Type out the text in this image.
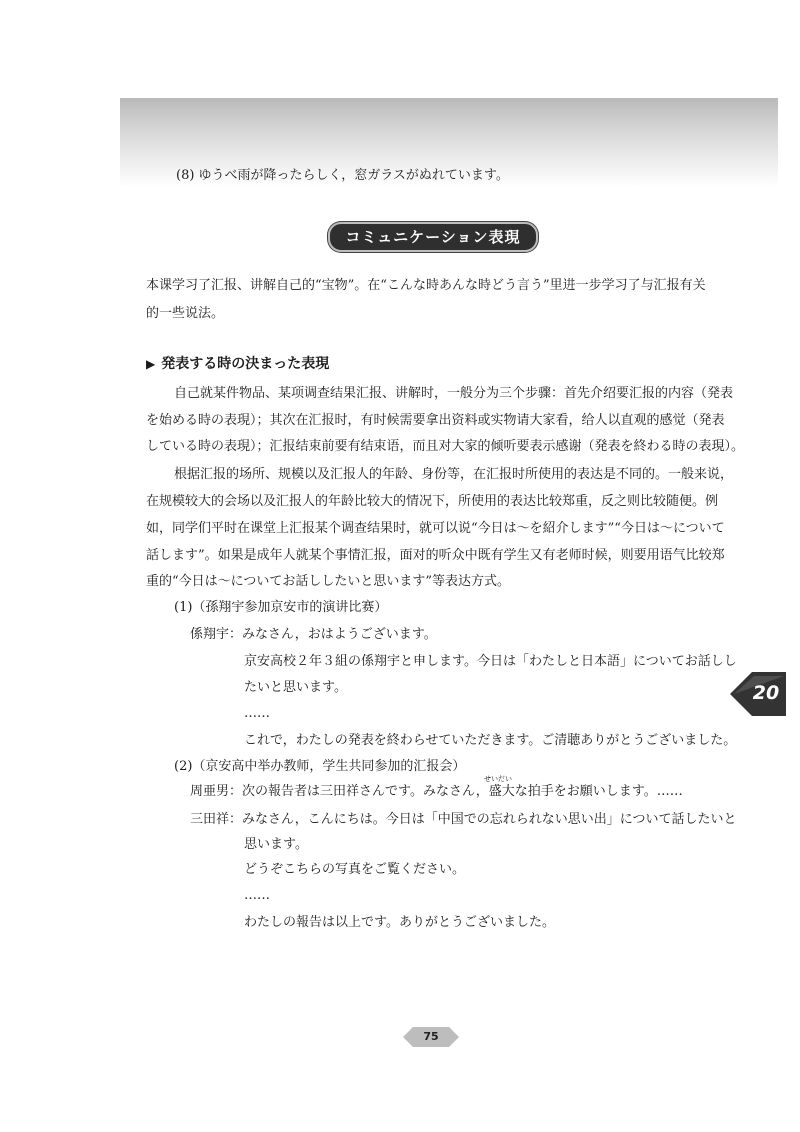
(8) ゆうべ雨が降ったらしく，窓ガラスがぬれています。
コミュニケーション表現
本课学习了汇报、讲解自己的“宝物”。在“こんな時あんな時どう言う”里进一步学习了与汇报有关
的一些说法。
▶ 発表する時の決まった表現
自己就某件物品、某项调查结果汇报、讲解时，一般分为三个步骤：首先介绍要汇报的内容（発表
を始める時の表現）；其次在汇报时，有时候需要拿出资料或实物请大家看，给人以直观的感觉（発表
している時の表現）；汇报结束前要有结束语，而且对大家的倾听要表示感谢（発表を終わる時の表現）。
根据汇报的场所、规模以及汇报人的年龄、身份等，在汇报时所使用的表达是不同的。一般来说，
在规模较大的会场以及汇报人的年龄比较大的情况下，所使用的表达比较郑重，反之则比较随便。例
如，同学们平时在课堂上汇报某个调查结果时，就可以说“今日は～を紹介します”“今日は～について
話します”。如果是成年人就某个事情汇报，面对的听众中既有学生又有老师时候，则要用语气比较郑
重的“今日は～についてお話ししたいと思います”等表达方式。
(1)（孫翔宇参加京安市的演讲比赛）
係翔宇：みなさん，おはようございます。
京安高校２年３組の係翔宇と申します。今日は「わたしと日本語」についてお話しし
たいと思います。
……
これで，わたしの発表を終わらせていただきます。ご清聴ありがとうございました。
(2)（京安高中举办教师，学生共同参加的汇报会）
せいだい
周亜男：次の報告者は三田祥さんです。みなさん，盛大な拍手をお願いします。……
三田祥：みなさん，こんにちは。今日は「中国での忘れられない思い出」について話したいと
思います。
どうぞこちらの写真をご覧ください。
……
わたしの報告は以上です。ありがとうございました。
20
75
